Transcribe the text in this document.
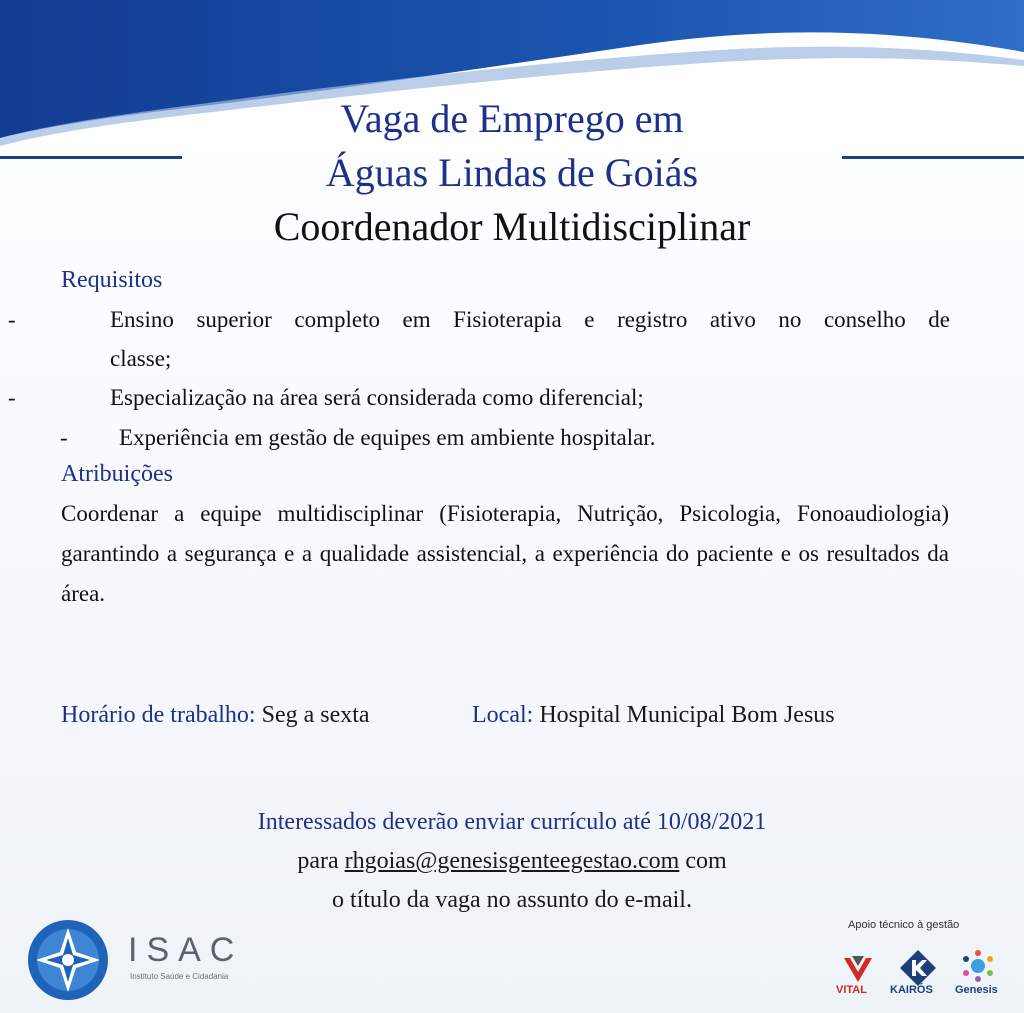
Vaga de Emprego em
Águas Lindas de Goiás
Coordenador Multidisciplinar
Requisitos
-	Ensino superior completo em Fisioterapia e registro ativo no conselho de
classe;
-	Especialização na área será considerada como diferencial;
- Experiência em gestão de equipes em ambiente hospitalar.
Atribuições
Coordenar a equipe multidisciplinar (Fisioterapia, Nutrição, Psicologia, Fonoaudiologia) garantindo a segurança e a qualidade assistencial, a experiência do paciente e os resultados da área.
Horário de trabalho: Seg a sexta	Local: Hospital Municipal Bom Jesus
Interessados deverão enviar currículo até 10/08/2021
para rhgoias@genesisgenteegestao.com com
o título da vaga no assunto do e-mail.
ISAC
Instituto Saúde e Cidadania
Apoio técnico à gestão
VITAL KAIRÓS Genesis
